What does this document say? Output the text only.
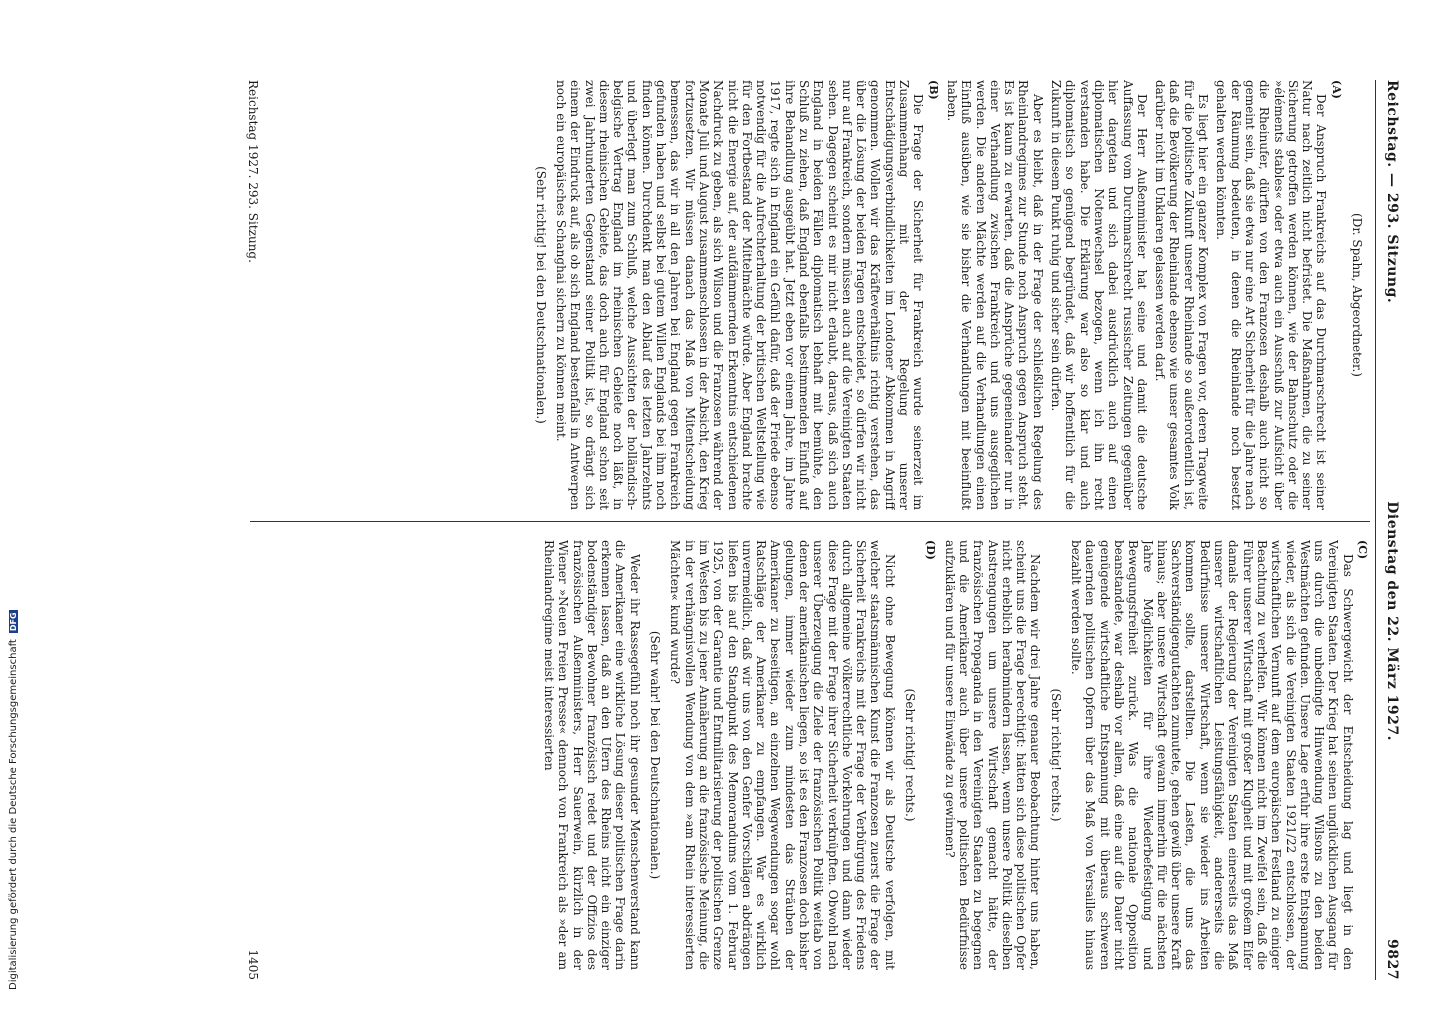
Digitalisierung gefördert durch die Deutsche Forschungsgemeinschaft
DFG
Reichstag. — 293. Sitzung.
Dienstag den 22. März 1927.
9827

(Dr. Spahn, Abgeordneter.)

(A)

Der Anspruch Frankreichs auf das Durchmarschrecht ist seiner Natur nach zeitlich nicht befristet. Die Maßnahmen, die zu seiner Sicherung getroffen werden können, wie der Bahnschutz oder die »éléments stables« oder etwa auch ein Ausschuß zur Aufsicht über die Rheinufer, dürften von den Franzosen deshalb auch nicht so gemeint sein, daß sie etwa nur eine Art Sicherheit für die Jahre nach der Räumung bedeuten, in denen die Rheinlande noch besetzt gehalten werden könnten.

Es liegt hier ein ganzer Komplex von Fragen vor, deren Tragweite für die politische Zukunft unserer Rheinlande so außerordentlich ist, daß die Bevölkerung der Rheinlande ebenso wie unser gesamtes Volk darüber nicht im Unklaren gelassen werden darf.

Der Herr Außenminister hat seine und damit die deutsche Auffassung vom Durchmarschrecht russischer Zeitungen gegenüber hier dargetan und sich dabei ausdrücklich auch auf einen diplomatischen Notenwechsel bezogen, wenn ich ihn recht verstanden habe. Die Erklärung war also so klar und auch diplomatisch so genügend begründet, daß wir hoffentlich für die Zukunft in diesem Punkt ruhig und sicher sein dürfen.

Aber es bleibt, daß in der Frage der schließlichen Regelung des Rheinlandregimes zur Stunde noch Anspruch gegen Anspruch steht. Es ist kaum zu erwarten, daß die Ansprüche gegeneinander nur in einer Verhandlung zwischen Frankreich und uns ausgeglichen werden. Die anderen Mächte werden auf die Verhandlungen einen Einfluß ausüben, wie sie bisher die Verhandlungen mit beeinflußt haben.

(B)

Die Frage der Sicherheit für Frankreich wurde seinerzeit im Zusammenhang mit der Regelung unserer Entschädigungsverbindlichkeiten im Londoner Abkommen in Angriff genommen. Wollen wir das Kräfteverhältnis richtig verstehen, das über die Lösung der beiden Fragen entscheidet, so dürfen wir nicht nur auf Frankreich, sondern müssen auch auf die Vereinigten Staaten sehen. Dagegen scheint es mir nicht erlaubt, daraus, daß sich auch England in beiden Fällen diplomatisch lebhaft mit bemühte, den Schluß zu ziehen, daß England ebenfalls bestimmenden Einfluß auf ihre Behandlung ausgeübt hat. Jetzt eben vor einem Jahre, im Jahre 1917, regte sich in England ein Gefühl dafür, daß der Friede ebenso notwendig für die Aufrechterhaltung der britischen Weltstellung wie für den Fortbestand der Mittelmächte würde. Aber England brachte nicht die Energie auf, der aufdämmernden Erkenntnis entschiedenen Nachdruck zu geben, als sich Wilson und die Franzosen während der Monate Juli und August zusammenschlossen in der Absicht, den Krieg fortzusetzen. Wir müssen danach das Maß von Mitentscheidung bemessen, das wir in all den Jahren bei England gegen Frankreich gefunden haben und selbst bei gutem Willen Englands bei ihm noch finden können. Durchdenkt man den Ablauf des letzten Jahrzehnts und überlegt man zum Schluß, welche Aussichten der holländisch-belgische Vertrag England im rheinischen Gebiete noch läßt, in diesem rheinischen Gebiete, das doch auch für England schon seit zwei Jahrhunderten Gegenstand seiner Politik ist, so drängt sich einem der Eindruck auf, als ob sich England bestenfalls in Antwerpen noch ein europäisches Schanghai sichern zu können meint.

(Sehr richtig! bei den Deutschnationalen.)

(C)

Das Schwergewicht der Entscheidung lag und liegt in den Vereinigten Staaten. Der Krieg hat seinen unglücklichen Ausgang für uns durch die unbedingte Hinwendung Wilsons zu den beiden Westmächten gefunden. Unsere Lage erfuhr ihre erste Entspannung wieder, als sich die Vereinigten Staaten 1921/22 entschlossen, der wirtschaftlichen Vernunft auf dem europäischen Festland zu einiger Beachtung zu verhelfen. Wir können nicht im Zweifel sein, daß die Führer unserer Wirtschaft mit großer Klugheit und mit großem Eifer damals der Regierung der Vereinigten Staaten einerseits das Maß unserer wirtschaftlichen Leistungsfähigkeit, andererseits die Bedürfnisse unserer Wirtschaft, wenn sie wieder ins Arbeiten kommen sollte, darstellten. Die Lasten, die uns das Sachverständigengutachten zumutete, gehen gewiß über unsere Kraft hinaus; aber unsere Wirtschaft gewann immerhin für die nächsten Jahre Möglichkeiten für ihre Wiederbefestigung und Bewegungsfreiheit zurück. Was die nationale Opposition beanstandete, war deshalb vor allem, daß eine auf die Dauer nicht genügende wirtschaftliche Entspannung mit überaus schweren dauernden politischen Opfern über das Maß von Versailles hinaus bezahlt werden sollte.

(Sehr richtig! rechts.)

Nachdem wir drei Jahre genauer Beobachtung hinter uns haben, scheint uns die Frage berechtigt: hätten sich diese politischen Opfer nicht erheblich herabmindern lassen, wenn unsere Politik dieselben Anstrengungen um unsere Wirtschaft gemacht hätte, der französischen Propaganda in den Vereinigten Staaten zu begegnen und die Amerikaner auch über unsere politischen Bedürfnisse aufzuklären und für unsere Einwände zu gewinnen?

(D)

(Sehr richtig! rechts.)

Nicht ohne Bewegung können wir als Deutsche verfolgen, mit welcher staatsmännischen Kunst die Franzosen zuerst die Frage der Sicherheit Frankreichs mit der Frage der Verbürgung des Friedens durch allgemeine völkerrechtliche Vorkehrungen und dann wieder diese Frage mit der Frage ihrer Sicherheit verknüpften. Obwohl nach unserer Überzeugung die Ziele der französischen Politik weitab von denen der amerikanischen liegen, so ist es den Franzosen doch bisher gelungen, immer wieder zum mindesten das Sträuben der Amerikaner zu beseitigen, an einzelnen Wegwendungen sogar wohl Ratschläge der Amerikaner zu empfangen. War es wirklich unvermeidlich, daß wir uns von den Genfer Vorschlägen abdrängen ließen bis auf den Standpunkt des Memorandums vom 1. Februar 1925, von der Garantie und Entmilitarisierung der politischen Grenze im Westen bis zu jener Annäherung an die französische Meinung, die in der verhängnisvollen Wendung von dem »am Rhein interessierten Mächten« kund wurde?

(Sehr wahr! bei den Deutschnationalen.)

Weder ihr Rassegefühl noch ihr gesunder Menschenverstand kann die Amerikaner eine wirkliche Lösung dieser politischen Frage darin erkennen lassen, daß an den Ufern des Rheins nicht ein einziger bodenständiger Bewohner französisch redet und der Offizios des französischen Außenministers, Herr Sauerwein, kürzlich in der Wiener »Neuen Freien Presse« dennoch von Frankreich als »der am Rheinlandregime meist interessierten

Reichstag 1927. 293. Sitzung.
1405
